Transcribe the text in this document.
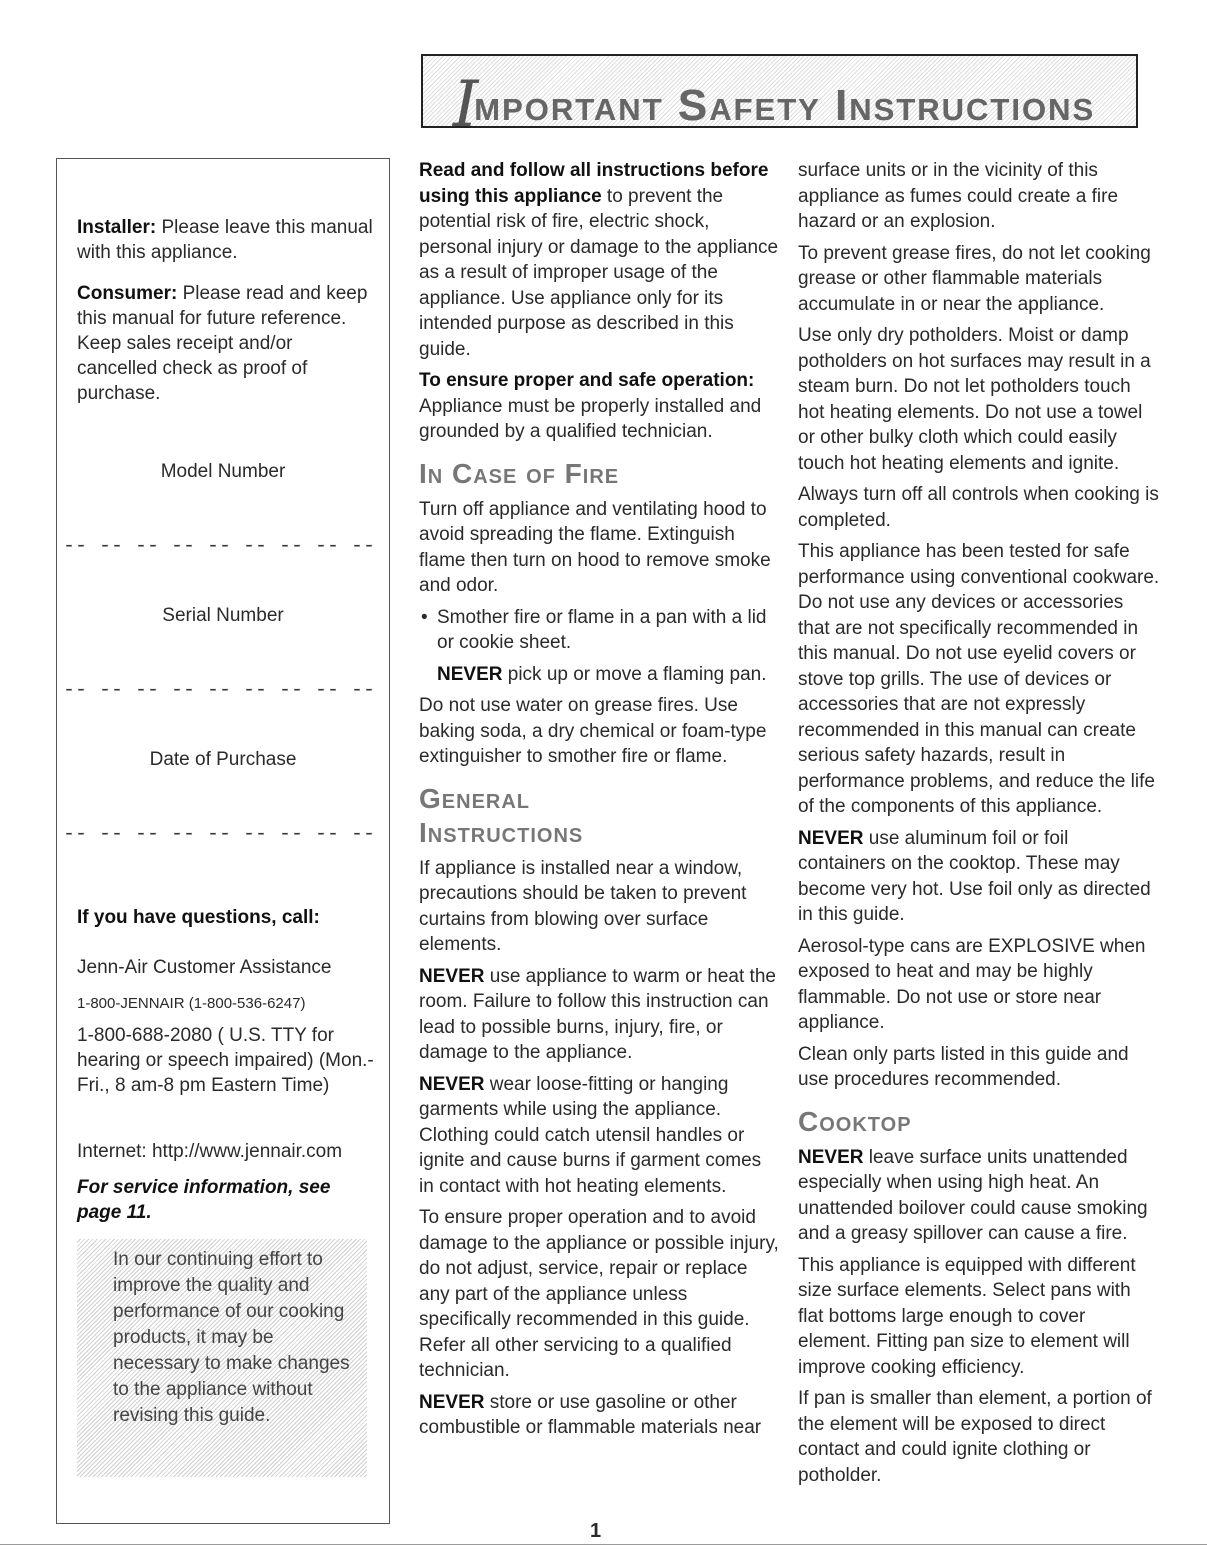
Important Safety Instructions
Installer: Please leave this manual with this appliance.
Consumer: Please read and keep this manual for future reference. Keep sales receipt and/or cancelled check as proof of purchase.
Model Number
-- -- -- -- -- -- -- -- --
Serial Number
-- -- -- -- -- -- -- -- --
Date of Purchase
-- -- -- -- -- -- -- -- --
If you have questions, call:
Jenn-Air Customer Assistance
1-800-JENNAIR (1-800-536-6247)
1-800-688-2080 ( U.S. TTY for hearing or speech impaired) (Mon.-Fri., 8 am-8 pm Eastern Time)
Internet: http://www.jennair.com
For service information, see page 11.
In our continuing effort to improve the quality and performance of our cooking products, it may be necessary to make changes to the appliance without revising this guide.

Read and follow all instructions before using this appliance to prevent the potential risk of fire, electric shock, personal injury or damage to the appliance as a result of improper usage of the appliance. Use appliance only for its intended purpose as described in this guide.

To ensure proper and safe operation: Appliance must be properly installed and grounded by a qualified technician.

In Case of Fire

Turn off appliance and ventilating hood to avoid spreading the flame. Extinguish flame then turn on hood to remove smoke and odor.

• Smother fire or flame in a pan with a lid or cookie sheet.

NEVER pick up or move a flaming pan.

Do not use water on grease fires. Use baking soda, a dry chemical or foam-type extinguisher to smother fire or flame.

General
Instructions

If appliance is installed near a window, precautions should be taken to prevent curtains from blowing over surface elements.

NEVER use appliance to warm or heat the room. Failure to follow this instruction can lead to possible burns, injury, fire, or damage to the appliance.

NEVER wear loose-fitting or hanging garments while using the appliance. Clothing could catch utensil handles or ignite and cause burns if garment comes in contact with hot heating elements.

To ensure proper operation and to avoid damage to the appliance or possible injury, do not adjust, service, repair or replace any part of the appliance unless specifically recommended in this guide. Refer all other servicing to a qualified technician.

NEVER store or use gasoline or other combustible or flammable materials near

surface units or in the vicinity of this appliance as fumes could create a fire hazard or an explosion.

To prevent grease fires, do not let cooking grease or other flammable materials accumulate in or near the appliance.

Use only dry potholders. Moist or damp potholders on hot surfaces may result in a steam burn. Do not let potholders touch hot heating elements. Do not use a towel or other bulky cloth which could easily touch hot heating elements and ignite.

Always turn off all controls when cooking is completed.

This appliance has been tested for safe performance using conventional cookware. Do not use any devices or accessories that are not specifically recommended in this manual. Do not use eyelid covers or stove top grills. The use of devices or accessories that are not expressly recommended in this manual can create serious safety hazards, result in performance problems, and reduce the life of the components of this appliance.

NEVER use aluminum foil or foil containers on the cooktop. These may become very hot. Use foil only as directed in this guide.

Aerosol-type cans are EXPLOSIVE when exposed to heat and may be highly flammable. Do not use or store near appliance.

Clean only parts listed in this guide and use procedures recommended.

Cooktop

NEVER leave surface units unattended especially when using high heat. An unattended boilover could cause smoking and a greasy spillover can cause a fire.

This appliance is equipped with different size surface elements. Select pans with flat bottoms large enough to cover element. Fitting pan size to element will improve cooking efficiency.

If pan is smaller than element, a portion of the element will be exposed to direct contact and could ignite clothing or potholder.

1
